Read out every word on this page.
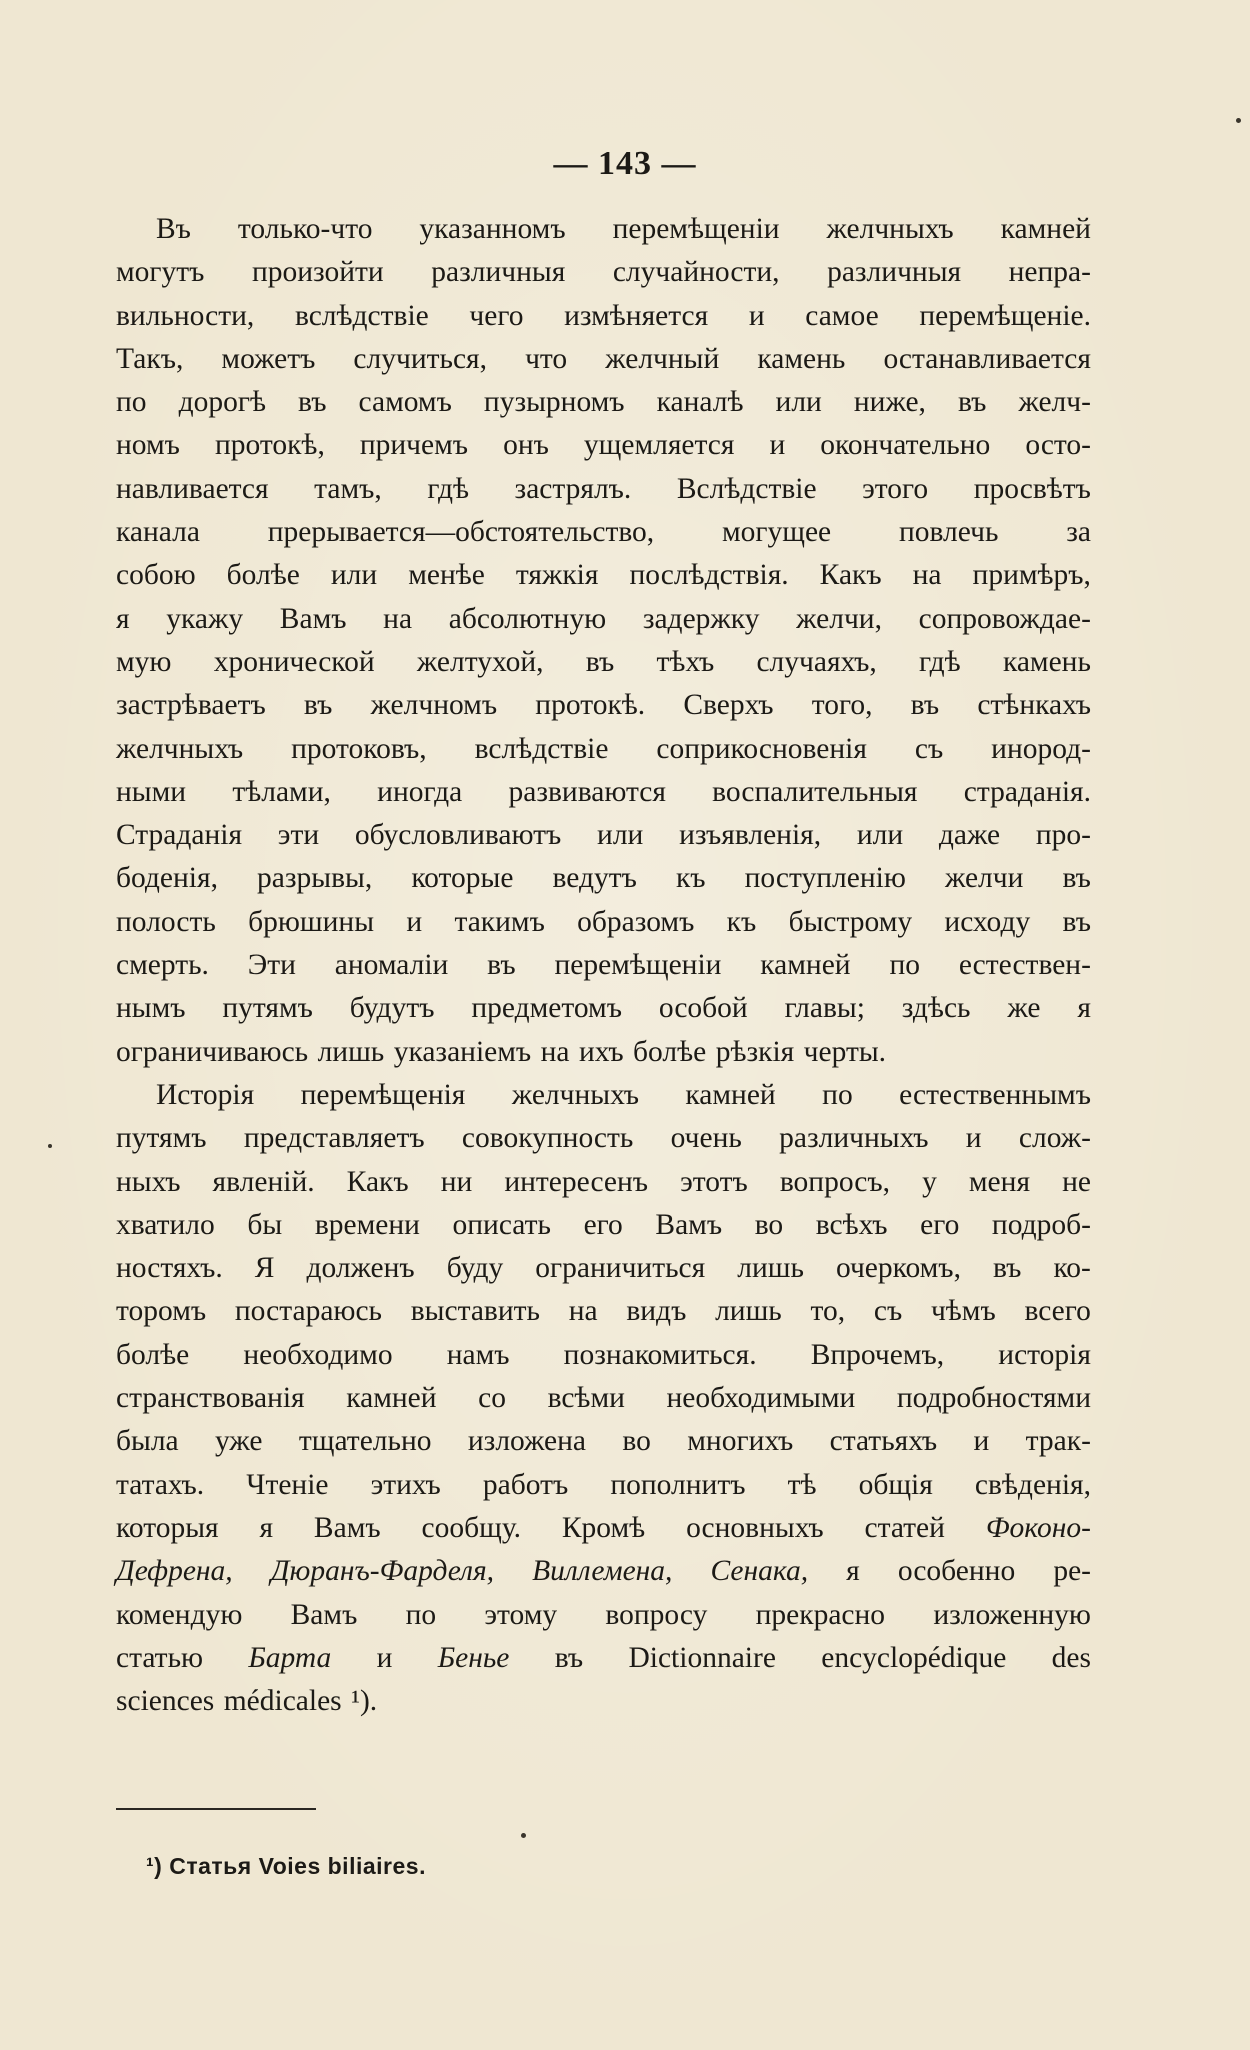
— 143 —
Въ только-что указанномъ перемѣщеніи желчныхъ камней
могутъ произойти различныя случайности, различныя непра-
вильности, вслѣдствіе чего измѣняется и самое перемѣщеніе.
Такъ, можетъ случиться, что желчный камень останавливается
по дорогѣ въ самомъ пузырномъ каналѣ или ниже, въ желч-
номъ протокѣ, причемъ онъ ущемляется и окончательно осто-
навливается тамъ, гдѣ застрялъ. Вслѣдствіе этого просвѣтъ
канала прерывается—обстоятельство, могущее повлечь за
собою болѣе или менѣе тяжкія послѣдствія. Какъ на примѣръ,
я укажу Вамъ на абсолютную задержку желчи, сопровождае-
мую хронической желтухой, въ тѣхъ случаяхъ, гдѣ камень
застрѣваетъ въ желчномъ протокѣ. Сверхъ того, въ стѣнкахъ
желчныхъ протоковъ, вслѣдствіе соприкосновенія съ инород-
ными тѣлами, иногда развиваются воспалительныя страданія.
Страданія эти обусловливаютъ или изъявленія, или даже про-
боденія, разрывы, которые ведутъ къ поступленію желчи въ
полость брюшины и такимъ образомъ къ быстрому исходу въ
смерть. Эти аномаліи въ перемѣщеніи камней по естествен-
нымъ путямъ будутъ предметомъ особой главы; здѣсь же я
ограничиваюсь лишь указаніемъ на ихъ болѣе рѣзкія черты.
Исторія перемѣщенія желчныхъ камней по естественнымъ
путямъ представляетъ совокупность очень различныхъ и слож-
ныхъ явленій. Какъ ни интересенъ этотъ вопросъ, у меня не
хватило бы времени описать его Вамъ во всѣхъ его подроб-
ностяхъ. Я долженъ буду ограничиться лишь очеркомъ, въ ко-
торомъ постараюсь выставить на видъ лишь то, съ чѣмъ всего
болѣе необходимо намъ познакомиться. Впрочемъ, исторія
странствованія камней со всѣми необходимыми подробностями
была уже тщательно изложена во многихъ статьяхъ и трак-
татахъ. Чтеніе этихъ работъ пополнитъ тѣ общія свѣденія,
которыя я Вамъ сообщу. Кромѣ основныхъ статей Фоконо-
Дефрена, Дюранъ-Фарделя, Виллемена, Сенака, я особенно ре-
комендую Вамъ по этому вопросу прекрасно изложенную
статью Барта и Бенье въ Dictionnaire encyclopédique des
sciences médicales ¹).
¹) Статья Voies biliaires.
